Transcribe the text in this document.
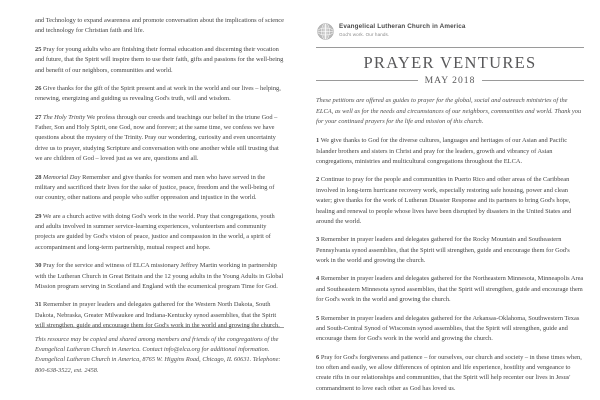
and Technology to expand awareness and promote conversation about the implications of science and technology for Christian faith and life.

25 Pray for young adults who are finishing their formal education and discerning their vocation and future, that the Spirit will inspire them to use their faith, gifts and passions for the well-being and benefit of our neighbors, communities and world.

26 Give thanks for the gift of the Spirit present and at work in the world and our lives – helping, renewing, energizing and guiding us revealing God's truth, will and wisdom.

27 The Holy Trinity We profess through our creeds and teachings our belief in the triune God – Father, Son and Holy Spirit, one God, now and forever; at the same time, we confess we have questions about the mystery of the Trinity. Pray our wondering, curiosity and even uncertainty drive us to prayer, studying Scripture and conversation with one another while still trusting that we are children of God – loved just as we are, questions and all.

28 Memorial Day Remember and give thanks for women and men who have served in the military and sacrificed their lives for the sake of justice, peace, freedom and the well-being of our country, other nations and people who suffer oppression and injustice in the world.

29 We are a church active with doing God's work in the world. Pray that congregations, youth and adults involved in summer service-learning experiences, volunteerism and community projects are guided by God's vision of peace, justice and compassion in the world, a spirit of accompaniment and long-term partnership, mutual respect and hope.

30 Pray for the service and witness of ELCA missionary Jeffrey Martin working in partnership with the Lutheran Church in Great Britain and the 12 young adults in the Young Adults in Global Mission program serving in Scotland and England with the ecumenical program Time for God.

31 Remember in prayer leaders and delegates gathered for the Western North Dakota, South Dakota, Nebraska, Greater Milwaukee and Indiana-Kentucky synod assemblies, that the Spirit will strengthen, guide and encourage them for God's work in the world and growing the church.

This resource may be copied and shared among members and friends of the congregations of the Evangelical Lutheran Church in America. Contact info@elca.org for additional information. Evangelical Lutheran Church in America, 8765 W. Higgins Road, Chicago, IL 60631. Telephone: 800-638-3522, ext. 2458.

Evangelical Lutheran Church in America
God's work. Our hands.
PRAYER VENTURES
MAY 2018

These petitions are offered as guides to prayer for the global, social and outreach ministries of the ELCA, as well as for the needs and circumstances of our neighbors, communities and world. Thank you for your continued prayers for the life and mission of this church.

1 We give thanks to God for the diverse cultures, languages and heritages of our Asian and Pacific Islander brothers and sisters in Christ and pray for the leaders, growth and vibrancy of Asian congregations, ministries and multicultural congregations throughout the ELCA.

2 Continue to pray for the people and communities in Puerto Rico and other areas of the Caribbean involved in long-term hurricane recovery work, especially restoring safe housing, power and clean water; give thanks for the work of Lutheran Disaster Response and its partners to bring God's hope, healing and renewal to people whose lives have been disrupted by disasters in the United States and around the world.

3 Remember in prayer leaders and delegates gathered for the Rocky Mountain and Southeastern Pennsylvania synod assemblies, that the Spirit will strengthen, guide and encourage them for God's work in the world and growing the church.

4 Remember in prayer leaders and delegates gathered for the Northeastern Minnesota, Minneapolis Area and Southeastern Minnesota synod assemblies, that the Spirit will strengthen, guide and encourage them for God's work in the world and growing the church.

5 Remember in prayer leaders and delegates gathered for the Arkansas-Oklahoma, Southwestern Texas and South-Central Synod of Wisconsin synod assemblies, that the Spirit will strengthen, guide and encourage them for God's work in the world and growing the church.

6 Pray for God's forgiveness and patience – for ourselves, our church and society – in these times when, too often and easily, we allow differences of opinion and life experience, hostility and vengeance to create rifts in our relationships and communities, that the Spirit will help recenter our lives in Jesus' commandment to love each other as God has loved us.
